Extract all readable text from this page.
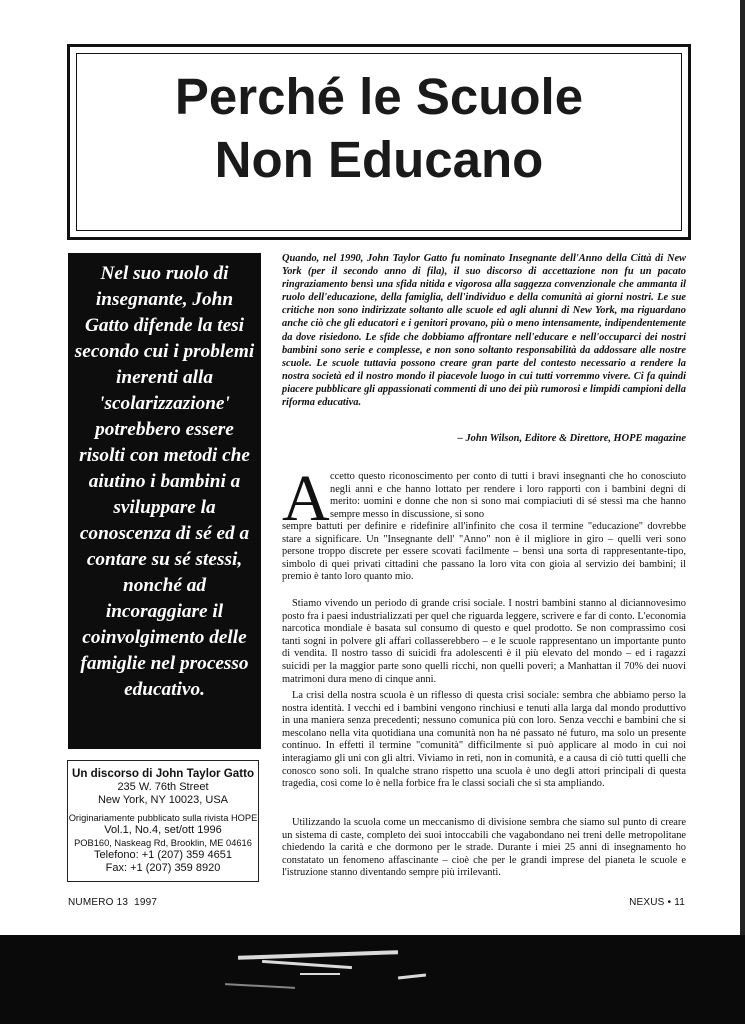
Perché le Scuole
Non Educano
Nel suo ruolo di insegnante, John Gatto difende la tesi secondo cui i problemi inerenti alla 'scolarizzazione' potrebbero essere risolti con metodi che aiutino i bambini a sviluppare la conoscenza di sé ed a contare su sé stessi, nonché ad incoraggiare il coinvolgimento delle famiglie nel processo educativo.
Un discorso di John Taylor Gatto
235 W. 76th Street
New York, NY 10023, USA
Originariamente pubblicato sulla rivista HOPE
Vol.1, No.4, set/ott 1996
POB160, Naskeag Rd, Brooklin, ME 04616
Telefono: +1 (207) 359 4651
Fax: +1 (207) 359 8920

Quando, nel 1990, John Taylor Gatto fu nominato Insegnante dell'Anno della Città di New York (per il secondo anno di fila), il suo discorso di accettazione non fu un pacato ringraziamento bensì una sfida nitida e vigorosa alla saggezza convenzionale che ammanta il ruolo dell'educazione, della famiglia, dell'individuo e della comunità ai giorni nostri. Le sue critiche non sono indirizzate soltanto alle scuole ed agli alunni di New York, ma riguardano anche ciò che gli educatori e i genitori provano, più o meno intensamente, indipendentemente da dove risiedono. Le sfide che dobbiamo affrontare nell'educare e nell'occuparci dei nostri bambini sono serie e complesse, e non sono soltanto responsabilità da addossare alle nostre scuole. Le scuole tuttavia possono creare gran parte del contesto necessario a rendere la nostra società ed il nostro mondo il piacevole luogo in cui tutti vorremmo vivere. Ci fa quindi piacere pubblicare gli appassionati commenti di uno dei più rumorosi e limpidi campioni della riforma educativa.

– John Wilson, Editore & Direttore, HOPE magazine
A ccetto questo riconoscimento per conto di tutti i bravi insegnanti che ho conosciuto negli anni e che hanno lottato per rendere i loro rapporti con i bambini degni di merito: uomini e donne che non si sono mai compiaciuti di sé stessi ma che hanno sempre messo in discussione, si sono

sempre battuti per definire e ridefinire all'infinito che cosa il termine "educazione" dovrebbe stare a significare. Un "Insegnante dell' "Anno" non è il migliore in giro – quelli veri sono persone troppo discrete per essere scovati facilmente – bensì una sorta di rappresentante-tipo, simbolo di quei privati cittadini che passano la loro vita con gioia al servizio dei bambini; il premio è tanto loro quanto mio.

Stiamo vivendo un periodo di grande crisi sociale. I nostri bambini stanno al diciannovesimo posto fra i paesi industrializzati per quel che riguarda leggere, scrivere e far di conto. L'economia narcotica mondiale è basata sul consumo di questo e quel prodotto. Se non comprassimo così tanti sogni in polvere gli affari collasserebbero – e le scuole rappresentano un importante punto di vendita. Il nostro tasso di suicidi fra adolescenti è il più elevato del mondo – ed i ragazzi suicidi per la maggior parte sono quelli ricchi, non quelli poveri; a Manhattan il 70% dei nuovi matrimoni dura meno di cinque anni.

La crisi della nostra scuola è un riflesso di questa crisi sociale: sembra che abbiamo perso la nostra identità. I vecchi ed i bambini vengono rinchiusi e tenuti alla larga dal mondo produttivo in una maniera senza precedenti; nessuno comunica più con loro. Senza vecchi e bambini che si mescolano nella vita quotidiana una comunità non ha né passato né futuro, ma solo un presente continuo. In effetti il termine "comunità" difficilmente si può applicare al modo in cui noi interagiamo gli uni con gli altri. Viviamo in reti, non in comunità, e a causa di ciò tutti quelli che conosco sono soli. In qualche strano rispetto una scuola è uno degli attori principali di questa tragedia, così come lo è nella forbice fra le classi sociali che si sta ampliando.

Utilizzando la scuola come un meccanismo di divisione sembra che siamo sul punto di creare un sistema di caste, completo dei suoi intoccabili che vagabondano nei treni delle metropolitane chiedendo la carità e che dormono per le strade. Durante i miei 25 anni di insegnamento ho constatato un fenomeno affascinante – cioè che per le grandi imprese del pianeta le scuole e l'istruzione stanno diventando sempre più irrilevanti.

NUMERO 13 1997	NEXUS • 11
